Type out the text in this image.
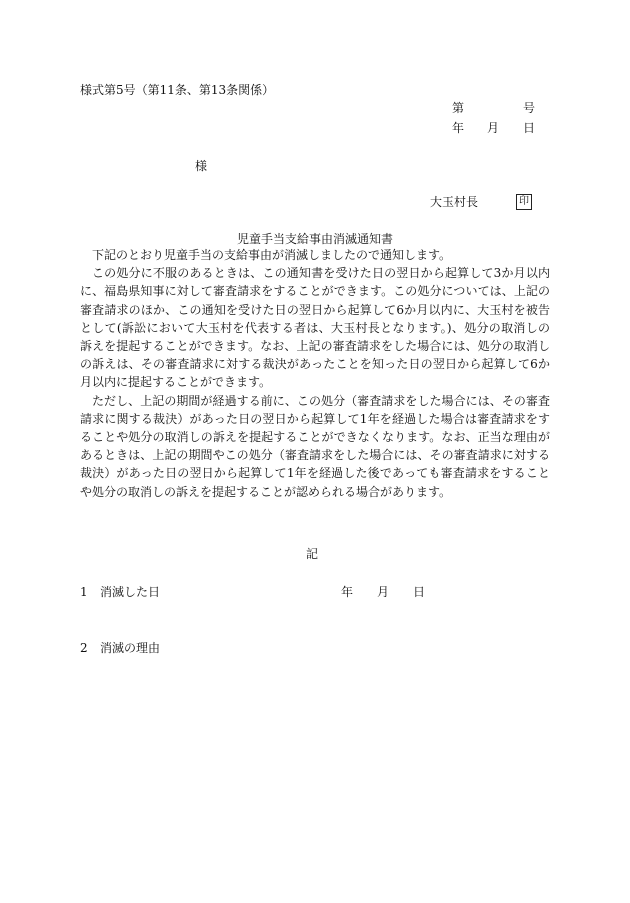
様式第5号（第11条、第13条関係）
第	号
年 月 日
様
大玉村長	印
児童手当支給事由消滅通知書

下記のとおり児童手当の支給事由が消滅しましたので通知します。

この処分に不服のあるときは、この通知書を受けた日の翌日から起算して3か月以内に、福島県知事に対して審査請求をすることができます。この処分については、上記の審査請求のほか、この通知を受けた日の翌日から起算して6か月以内に、大玉村を被告として(訴訟において大玉村を代表する者は、大玉村長となります。)、処分の取消しの訴えを提起することができます。なお、上記の審査請求をした場合には、処分の取消しの訴えは、その審査請求に対する裁決があったことを知った日の翌日から起算して6か月以内に提起することができます。

ただし、上記の期間が経過する前に、この処分（審査請求をした場合には、その審査請求に関する裁決）があった日の翌日から起算して1年を経過した場合は審査請求をすることや処分の取消しの訴えを提起することができなくなります。なお、正当な理由があるときは、上記の期間やこの処分（審査請求をした場合には、その審査請求に対する裁決）があった日の翌日から起算して1年を経過した後であっても審査請求をすることや処分の取消しの訴えを提起することが認められる場合があります。

記
1 消滅した日	年 月 日
2 消滅の理由
